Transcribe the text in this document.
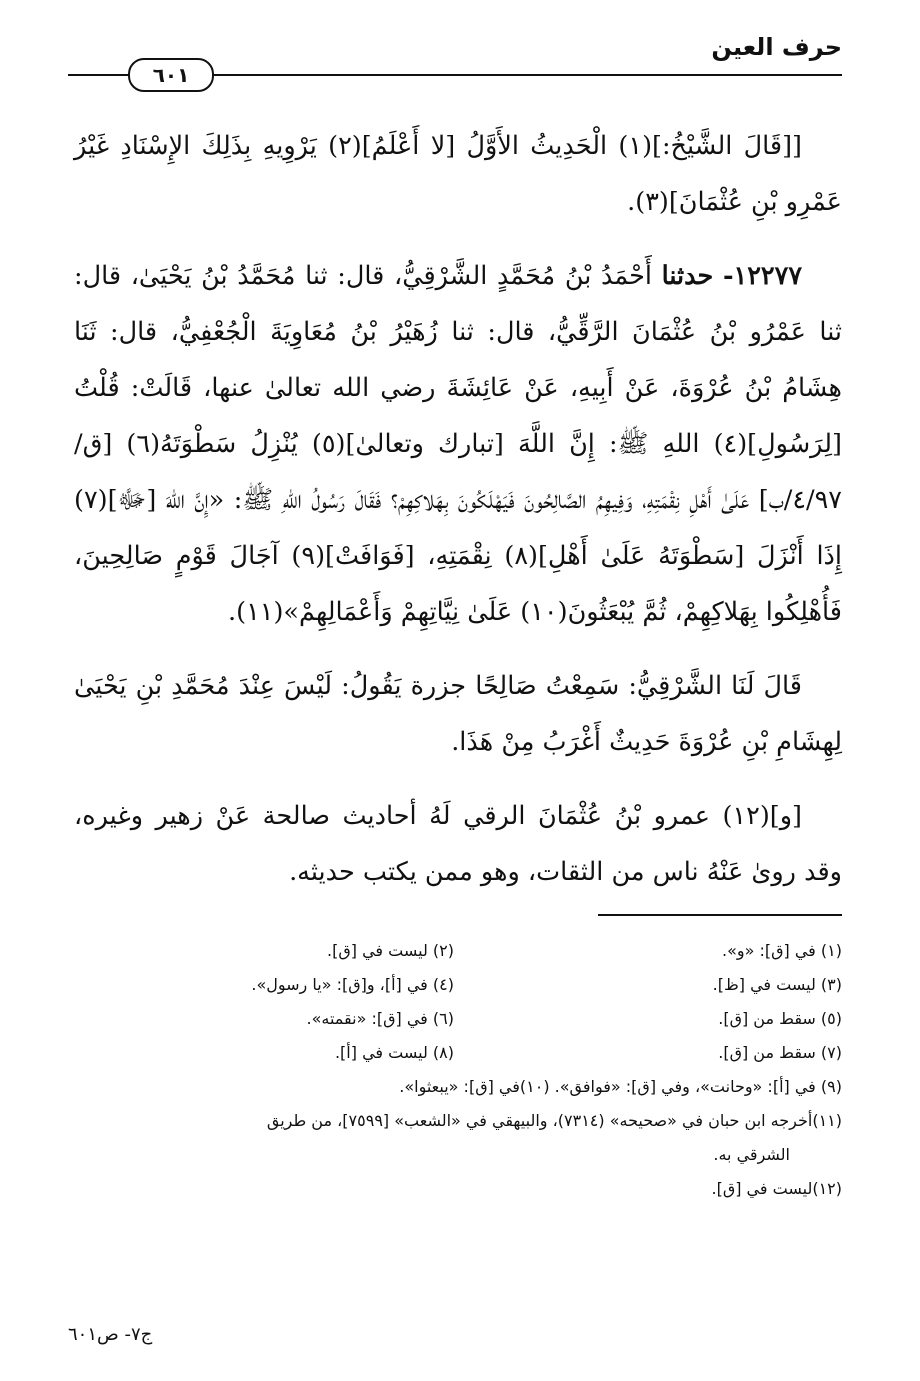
حرف العين
٦٠١

[[قَالَ الشَّيْخُ:](١) الْحَدِيثُ الأَوَّلُ [لا أَعْلَمُ](٢) يَرْوِيهِ بِذَلِكَ الإِسْنَادِ غَيْرُ عَمْرِو بْنِ عُثْمَانَ](٣).

١٢٢٧٧- حدثنا أَحْمَدُ بْنُ مُحَمَّدٍ الشَّرْقِيُّ، قال: ثنا مُحَمَّدُ بْنُ يَحْيَىٰ، قال: ثنا عَمْرُو بْنُ عُثْمَانَ الرَّقِّيُّ، قال: ثنا زُهَيْرُ بْنُ مُعَاوِيَةَ الْجُعْفِيُّ، قال: ثَنَا هِشَامُ بْنُ عُرْوَةَ، عَنْ أَبِيهِ، عَنْ عَائِشَةَ رضي الله تعالىٰ عنها، قَالَتْ: قُلْتُ [لِرَسُولِ](٤) اللهِ ﷺ: إِنَّ اللَّهَ [تبارك وتعالىٰ](٥) يُنْزِلُ سَطْوَتَهُ(٦) [ق/٤/٩٧/ب] عَلَىٰ أَهْلِ نِقْمَتِهِ، وَفِيهِمُ الصَّالِحُونَ فَيَهْلَكُونَ بِهَلاكِهِمْ؟ فَقَالَ رَسُولُ اللهِ ﷺ: «إِنَّ اللهَ [ﷻ](٧) إِذَا أَنْزَلَ [سَطْوَتَهُ عَلَىٰ أَهْلِ](٨) نِقْمَتِهِ، [فَوَافَتْ](٩) آجَالَ قَوْمٍ صَالِحِينَ، فَأُهْلِكُوا بِهَلاكِهِمْ، ثُمَّ يُبْعَثُونَ(١٠) عَلَىٰ نِيَّاتِهِمْ وَأَعْمَالِهِمْ»(١١).

قَالَ لَنَا الشَّرْقِيُّ: سَمِعْتُ صَالِحًا جزرة يَقُولُ: لَيْسَ عِنْدَ مُحَمَّدِ بْنِ يَحْيَىٰ لِهِشَامِ بْنِ عُرْوَةَ حَدِيثٌ أَغْرَبُ مِنْ هَذَا.

[و](١٢) عمرو بْنُ عُثْمَانَ الرقي لَهُ أحاديث صالحة عَنْ زهير وغيره، وقد روىٰ عَنْهُ ناس من الثقات، وهو ممن يكتب حديثه.

(١) في [ق]: «و».
(٢) ليست في [ق].
(٣) ليست في [ظ].
(٤) في [أ]، و[ق]: «يا رسول».
(٥) سقط من [ق].
(٦) في [ق]: «نقمته».
(٧) سقط من [ق].
(٨) ليست في [أ].
(٩) في [أ]: «وحانت»، وفي [ق]: «فوافق». (١٠)في [ق]: «يبعثوا».
(١١)أخرجه ابن حبان في «صحيحه» (٧٣١٤)، والبيهقي في «الشعب» [٧٥٩٩]، من طريق
الشرقي به.
(١٢)ليست في [ق].
ج٧- ص٦٠١
